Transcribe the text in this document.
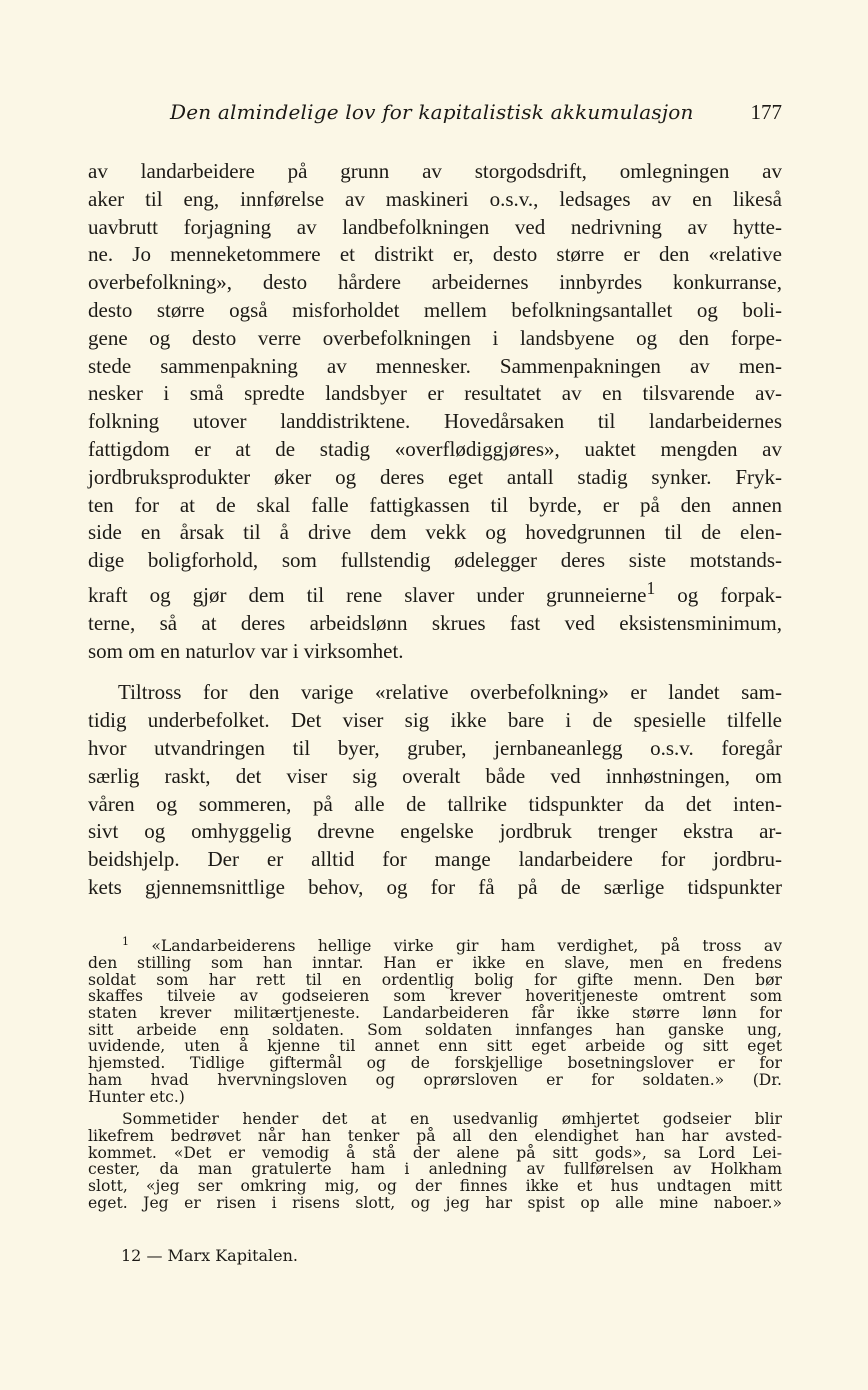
Den almindelige lov for kapitalistisk akkumulasjon	177

av landarbeidere på grunn av storgodsdrift, omlegningen av

aker til eng, innførelse av maskineri o.s.v., ledsages av en likeså

uavbrutt forjagning av landbefolkningen ved nedrivning av hytte-

ne. Jo menneketommere et distrikt er, desto større er den «relative

overbefolkning», desto hårdere arbeidernes innbyrdes konkurranse,

desto større også misforholdet mellem befolkningsantallet og boli-

gene og desto verre overbefolkningen i landsbyene og den forpe-

stede sammenpakning av mennesker. Sammenpakningen av men-

nesker i små spredte landsbyer er resultatet av en tilsvarende av-

folkning utover landdistriktene. Hovedårsaken til landarbeidernes

fattigdom er at de stadig «overflødiggjøres», uaktet mengden av

jordbruksprodukter øker og deres eget antall stadig synker. Fryk-

ten for at de skal falle fattigkassen til byrde, er på den annen

side en årsak til å drive dem vekk og hovedgrunnen til de elen-

dige boligforhold, som fullstendig ødelegger deres siste motstands-

kraft og gjør dem til rene slaver under grunneierne$^1$ og forpak-

terne, så at deres arbeidslønn skrues fast ved eksistensminimum,

som om en naturlov var i virksomhet.

Tiltross for den varige «relative overbefolkning» er landet sam-

tidig underbefolket. Det viser sig ikke bare i de spesielle tilfelle

hvor utvandringen til byer, gruber, jernbaneanlegg o.s.v. foregår

særlig raskt, det viser sig overalt både ved innhøstningen, om

våren og sommeren, på alle de tallrike tidspunkter da det inten-

sivt og omhyggelig drevne engelske jordbruk trenger ekstra ar-

beidshjelp. Der er alltid for mange landarbeidere for jordbru-

kets gjennemsnittlige behov, og for få på de særlige tidspunkter

$^1$ «Landarbeiderens hellige virke gir ham verdighet, på tross av

den stilling som han inntar. Han er ikke en slave, men en fredens

soldat som har rett til en ordentlig bolig for gifte menn. Den bør

skaffes tilveie av godseieren som krever hoveritjeneste omtrent som

staten krever militærtjeneste. Landarbeideren får ikke større lønn for

sitt arbeide enn soldaten. Som soldaten innfanges han ganske ung,

uvidende, uten å kjenne til annet enn sitt eget arbeide og sitt eget

hjemsted. Tidlige giftermål og de forskjellige bosetningslover er for

ham hvad hvervningsloven og oprørsloven er for soldaten.» (Dr.

Hunter etc.)

Sommetider hender det at en usedvanlig ømhjertet godseier blir

likefrem bedrøvet når han tenker på all den elendighet han har avsted-

kommet. «Det er vemodig å stå der alene på sitt gods», sa Lord Lei-

cester, da man gratulerte ham i anledning av fullførelsen av Holkham

slott, «jeg ser omkring mig, og der finnes ikke et hus undtagen mitt

eget. Jeg er risen i risens slott, og jeg har spist op alle mine naboer.»

12 — Marx Kapitalen.
